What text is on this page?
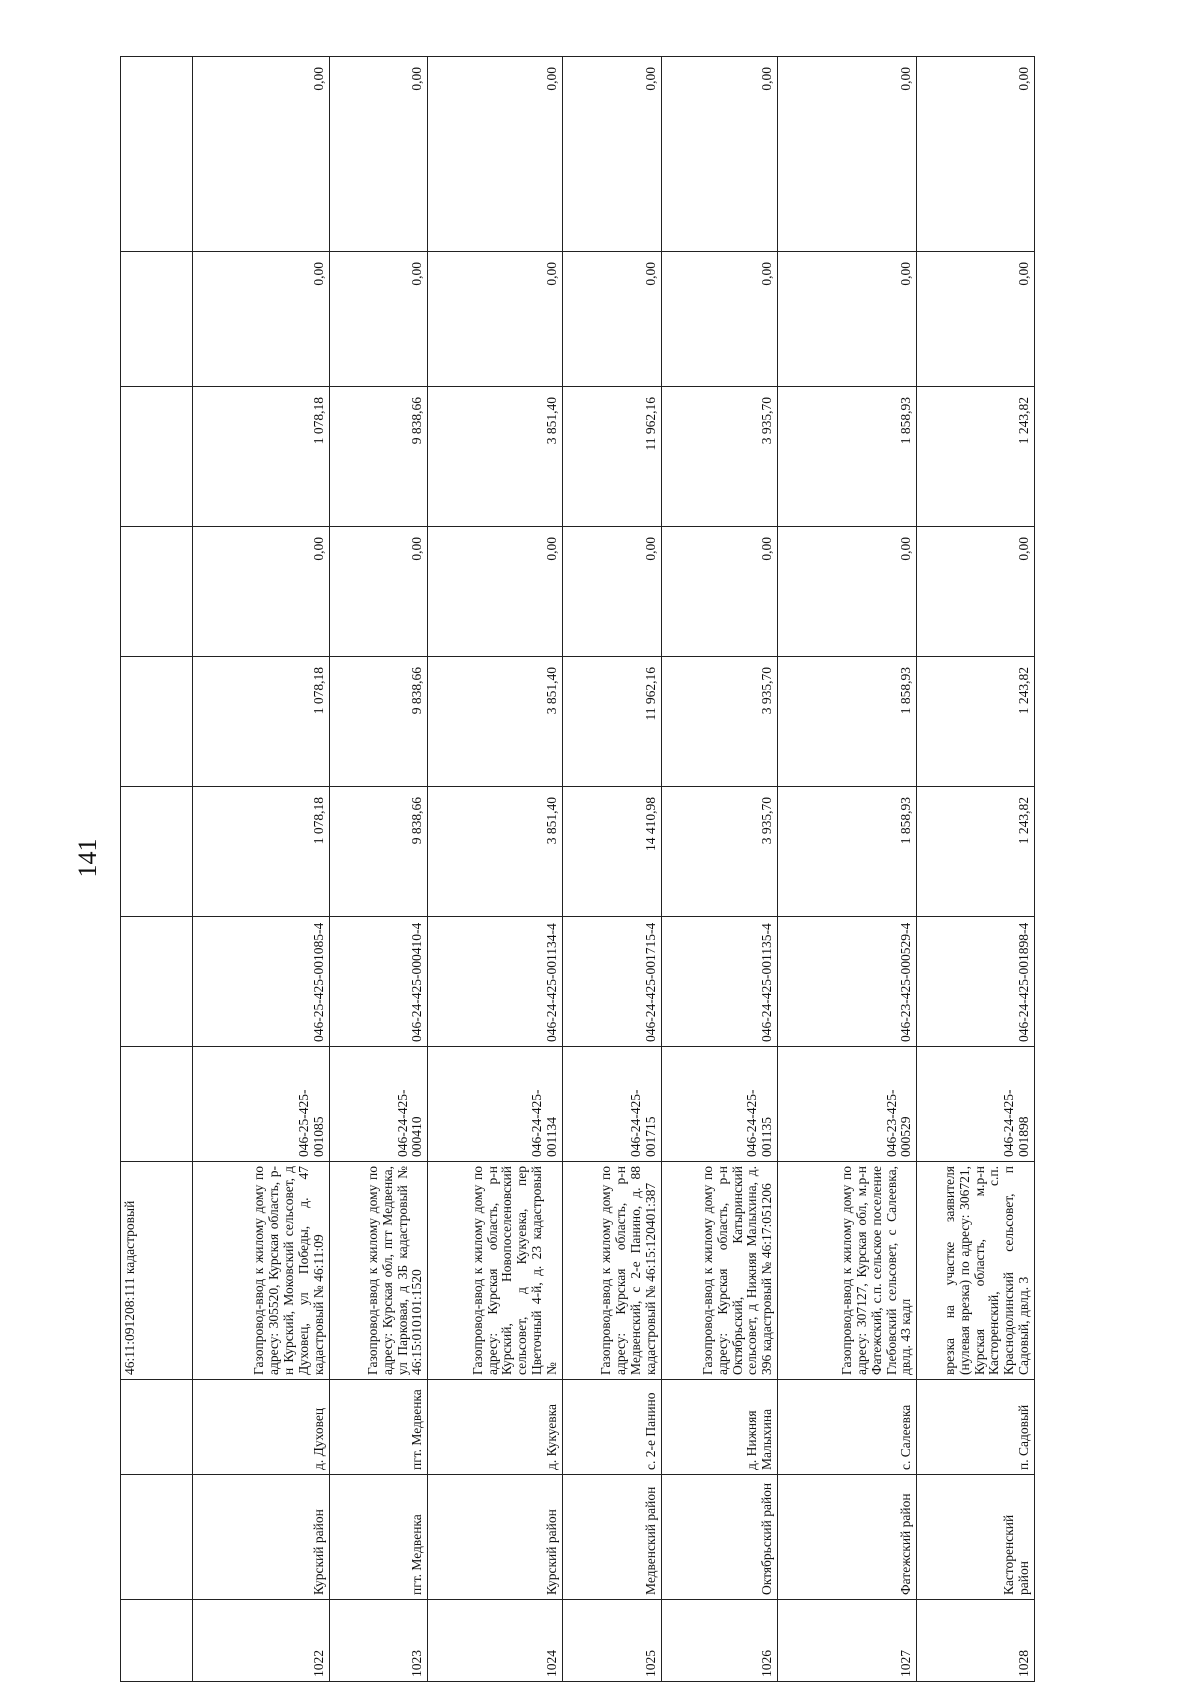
141
			46:11:091208:111 кадастровый								
1022	Курский район	д. Духовец	Газопровод-ввод к жилому дому по адресу: 305520, Курская область, р-н Курский, Моковский сельсовет, д Духовец, ул Победы, д. 47 кадастровый № 46:11:09	046-25-425-001085	046-25-425-001085-4	1 078,18	1 078,18	0,00	1 078,18	0,00	0,00
1023	пгт. Медвенка	пгт. Медвенка	Газопровод-ввод к жилому дому по адресу: Курская обл, пгт Медвенка, ул Парковая, д 3Б кадастровый № 46:15:010101:1520	046-24-425-000410	046-24-425-000410-4	9 838,66	9 838,66	0,00	9 838,66	0,00	0,00
1024	Курский район	д. Кукуевка	Газопровод-ввод к жилому дому по адресу: Курская область, р-н Курский, Новопоселеновский сельсовет, д Кукуевка, пер Цветочный 4-й, д. 23 кадастровый №	046-24-425-001134	046-24-425-001134-4	3 851,40	3 851,40	0,00	3 851,40	0,00	0,00
1025	Медвенский район	с. 2-е Панино	Газопровод-ввод к жилому дому по адресу: Курская область, р-н Медвенский, с 2-е Панино, д. 88 кадастровый № 46:15:120401:387	046-24-425-001715	046-24-425-001715-4	14 410,98	11 962,16	0,00	11 962,16	0,00	0,00
1026	Октябрьский район	д. Нижняя Малыхина	Газопровод-ввод к жилому дому по адресу: Курская область, р-н Октябрьский, Катыринский сельсовет, д Нижняя Малыхина, д. 396 кадастровый № 46:17:051206	046-24-425-001135	046-24-425-001135-4	3 935,70	3 935,70	0,00	3 935,70	0,00	0,00
1027	Фатежский район	с. Салеевка	Газопровод-ввод к жилому дому по адресу: 307127, Курская обл, м.р-н Фатежский, с.п. сельское поселение Глебовский сельсовет, с Салеевка, двлд. 43 кадл	046-23-425-000529	046-23-425-000529-4	1 858,93	1 858,93	0,00	1 858,93	0,00	0,00
1028	Касторенский район	п. Садовый	врезка на участке заявителя (нулевая врезка) по адресу: 306721, Курская область, м.р-н Касторенский, с.п. Краснодолинский сельсовет, п Садовый, двлд. 3	046-24-425-001898	046-24-425-001898-4	1 243,82	1 243,82	0,00	1 243,82	0,00	0,00
